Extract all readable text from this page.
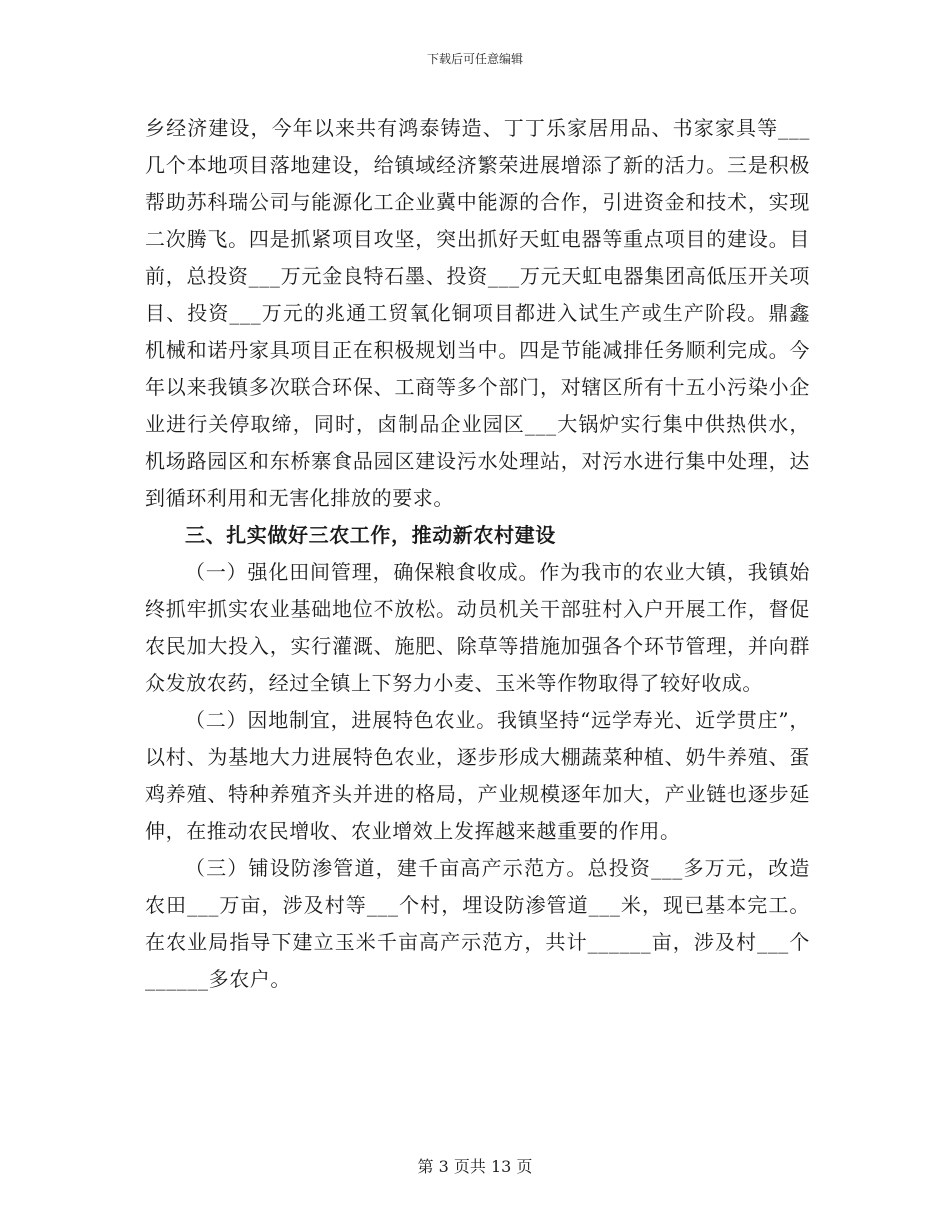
下载后可任意编辑

乡经济建设，今年以来共有鸿泰铸造、丁丁乐家居用品、书家家具等___几个本地项目落地建设，给镇域经济繁荣进展增添了新的活力。三是积极帮助苏科瑞公司与能源化工企业冀中能源的合作，引进资金和技术，实现二次腾飞。四是抓紧项目攻坚，突出抓好天虹电器等重点项目的建设。目前，总投资___万元金良特石墨、投资___万元天虹电器集团高低压开关项目、投资___万元的兆通工贸氧化铜项目都进入试生产或生产阶段。鼎鑫机械和诺丹家具项目正在积极规划当中。四是节能减排任务顺利完成。今年以来我镇多次联合环保、工商等多个部门，对辖区所有十五小污染小企业进行关停取缔，同时，卤制品企业园区___大锅炉实行集中供热供水，机场路园区和东桥寨食品园区建设污水处理站，对污水进行集中处理，达到循环利用和无害化排放的要求。

三、扎实做好三农工作，推动新农村建设

（一）强化田间管理，确保粮食收成。作为我市的农业大镇，我镇始终抓牢抓实农业基础地位不放松。动员机关干部驻村入户开展工作，督促农民加大投入，实行灌溉、施肥、除草等措施加强各个环节管理，并向群众发放农药，经过全镇上下努力小麦、玉米等作物取得了较好收成。

（二）因地制宜，进展特色农业。我镇坚持“远学寿光、近学贯庄”，以村、为基地大力进展特色农业，逐步形成大棚蔬菜种植、奶牛养殖、蛋鸡养殖、特种养殖齐头并进的格局，产业规模逐年加大，产业链也逐步延伸，在推动农民增收、农业增效上发挥越来越重要的作用。

（三）铺设防渗管道，建千亩高产示范方。总投资___多万元，改造农田___万亩，涉及村等___个村，埋设防渗管道___米，现已基本完工。在农业局指导下建立玉米千亩高产示范方，共计______亩，涉及村___个______多农户。

第 3 页共 13 页
